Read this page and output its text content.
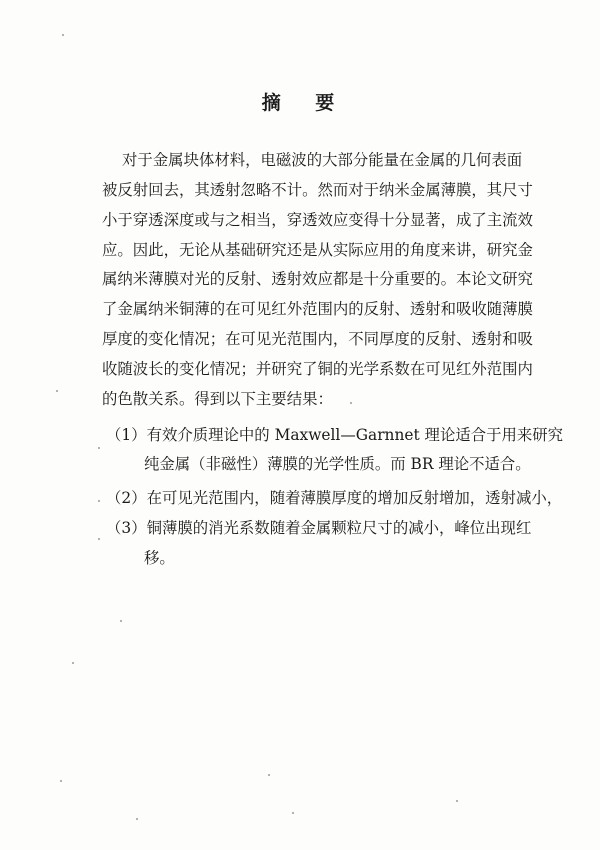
摘 要
对于金属块体材料，电磁波的大部分能量在金属的几何表面
被反射回去，其透射忽略不计。然而对于纳米金属薄膜，其尺寸
小于穿透深度或与之相当，穿透效应变得十分显著，成了主流效
应。因此，无论从基础研究还是从实际应用的角度来讲，研究金
属纳米薄膜对光的反射、透射效应都是十分重要的。本论文研究
了金属纳米铜薄的在可见红外范围内的反射、透射和吸收随薄膜
厚度的变化情况；在可见光范围内，不同厚度的反射、透射和吸
收随波长的变化情况；并研究了铜的光学系数在可见红外范围内
的色散关系。得到以下主要结果：
（1）有效介质理论中的 Maxwell—Garnnet 理论适合于用来研究
纯金属（非磁性）薄膜的光学性质。而 BR 理论不适合。
（2）在可见光范围内，随着薄膜厚度的增加反射增加，透射减小，
（3）铜薄膜的消光系数随着金属颗粒尺寸的减小，峰位出现红
移。
